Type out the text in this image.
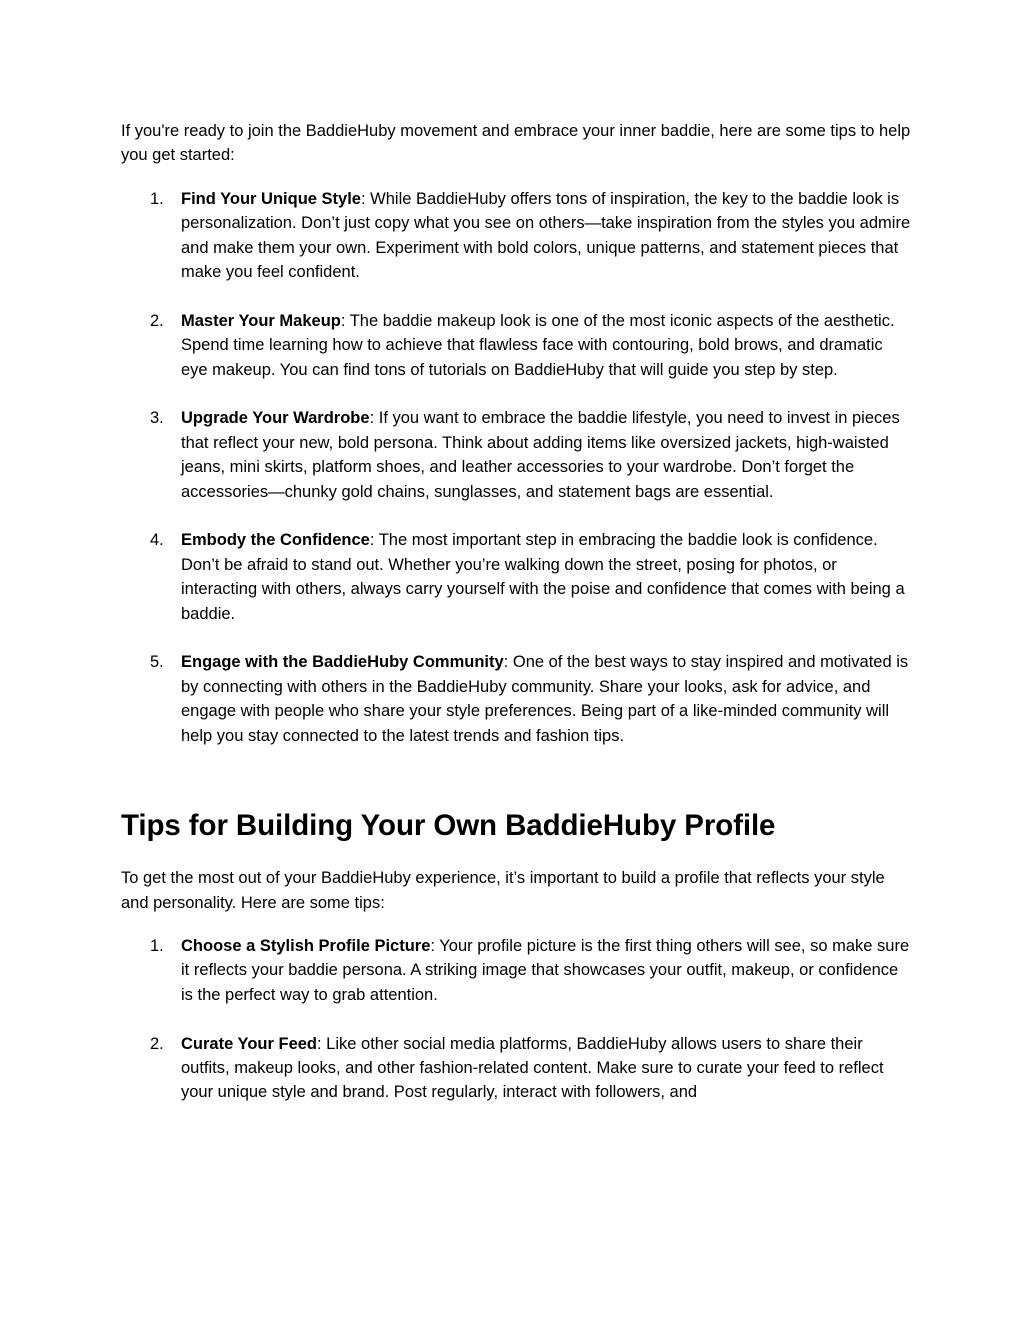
If you're ready to join the BaddieHuby movement and embrace your inner baddie, here are some tips to help you get started:

1. Find Your Unique Style: While BaddieHuby offers tons of inspiration, the key to the baddie look is personalization. Don’t just copy what you see on others—take inspiration from the styles you admire and make them your own. Experiment with bold colors, unique patterns, and statement pieces that make you feel confident.
2. Master Your Makeup: The baddie makeup look is one of the most iconic aspects of the aesthetic. Spend time learning how to achieve that flawless face with contouring, bold brows, and dramatic eye makeup. You can find tons of tutorials on BaddieHuby that will guide you step by step.
3. Upgrade Your Wardrobe: If you want to embrace the baddie lifestyle, you need to invest in pieces that reflect your new, bold persona. Think about adding items like oversized jackets, high-waisted jeans, mini skirts, platform shoes, and leather accessories to your wardrobe. Don’t forget the accessories—chunky gold chains, sunglasses, and statement bags are essential.
4. Embody the Confidence: The most important step in embracing the baddie look is confidence. Don’t be afraid to stand out. Whether you’re walking down the street, posing for photos, or interacting with others, always carry yourself with the poise and confidence that comes with being a baddie.
5. Engage with the BaddieHuby Community: One of the best ways to stay inspired and motivated is by connecting with others in the BaddieHuby community. Share your looks, ask for advice, and engage with people who share your style preferences. Being part of a like-minded community will help you stay connected to the latest trends and fashion tips.
Tips for Building Your Own BaddieHuby Profile

To get the most out of your BaddieHuby experience, it’s important to build a profile that reflects your style and personality. Here are some tips:

1. Choose a Stylish Profile Picture: Your profile picture is the first thing others will see, so make sure it reflects your baddie persona. A striking image that showcases your outfit, makeup, or confidence is the perfect way to grab attention.
2. Curate Your Feed: Like other social media platforms, BaddieHuby allows users to share their outfits, makeup looks, and other fashion-related content. Make sure to curate your feed to reflect your unique style and brand. Post regularly, interact with followers, and
